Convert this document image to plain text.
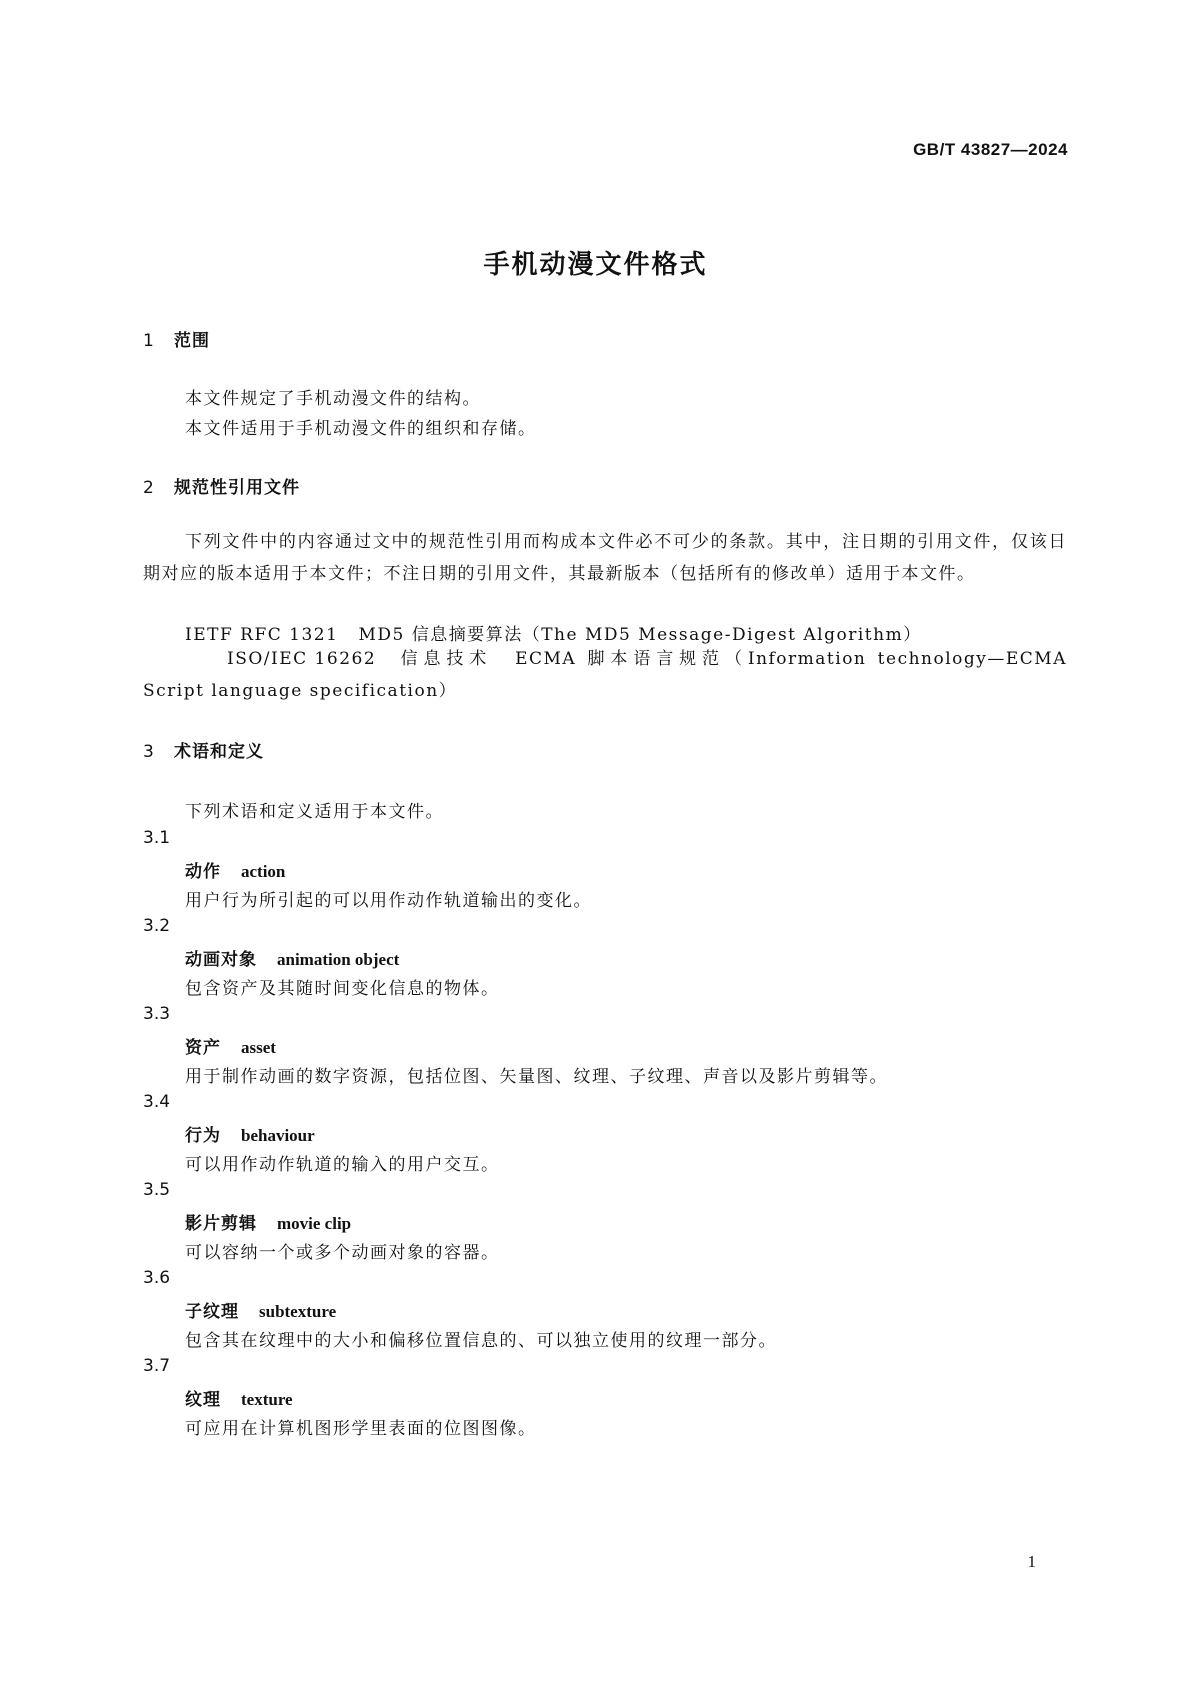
GB/T 43827—2024
手机动漫文件格式
1 范围
本文件规定了手机动漫文件的结构。
本文件适用于手机动漫文件的组织和存储。
2 规范性引用文件
下列文件中的内容通过文中的规范性引用而构成本文件必不可少的条款。其中，注日期的引用文件，仅该日期对应的版本适用于本文件；不注日期的引用文件，其最新版本（包括所有的修改单）适用于本文件。
IETF RFC 1321 MD5 信息摘要算法（The MD5 Message-Digest Algorithm）
ISO/IEC 16262 信息技术　ECMA 脚本语言规范（Information technology—ECMA Script language specification）
3 术语和定义
下列术语和定义适用于本文件。
3.1
动作 action
用户行为所引起的可以用作动作轨道输出的变化。
3.2
动画对象 animation object
包含资产及其随时间变化信息的物体。
3.3
资产 asset
用于制作动画的数字资源，包括位图、矢量图、纹理、子纹理、声音以及影片剪辑等。
3.4
行为 behaviour
可以用作动作轨道的输入的用户交互。
3.5
影片剪辑 movie clip
可以容纳一个或多个动画对象的容器。
3.6
子纹理 subtexture
包含其在纹理中的大小和偏移位置信息的、可以独立使用的纹理一部分。
3.7
纹理 texture
可应用在计算机图形学里表面的位图图像。
1
